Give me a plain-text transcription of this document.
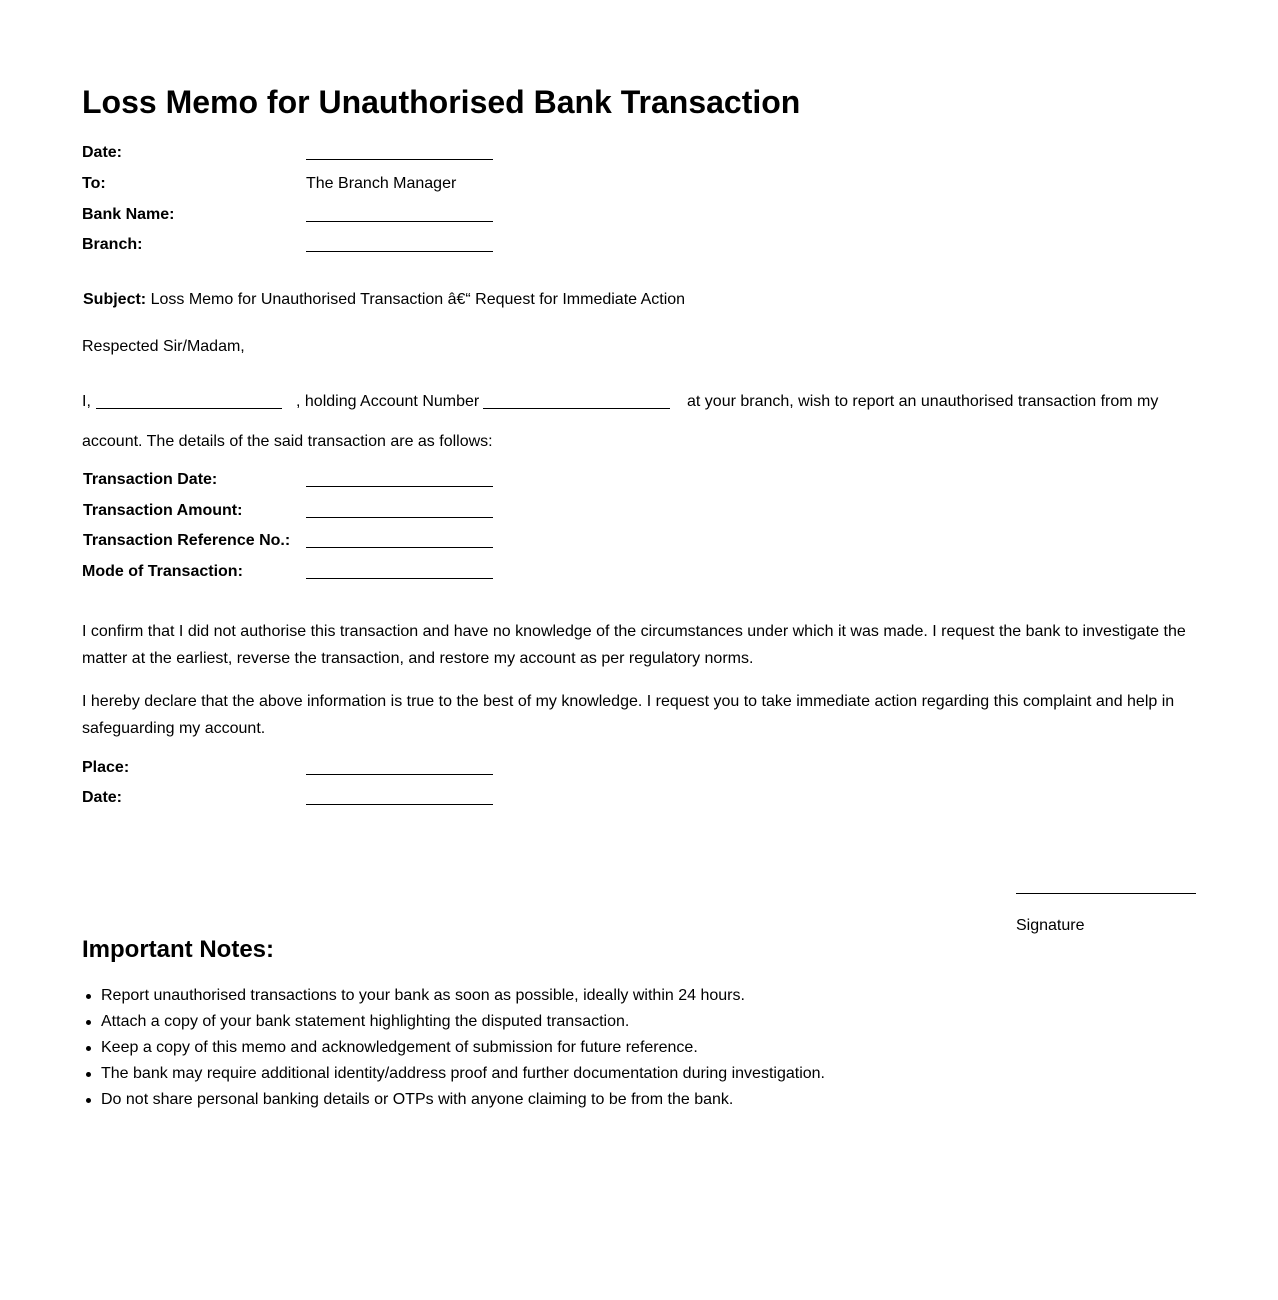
Loss Memo for Unauthorised Bank Transaction
Date:
To:	The Branch Manager
Bank Name:
Branch:

Subject: Loss Memo for Unauthorised Transaction â€“ Request for Immediate Action

Respected Sir/Madam,

I,	, holding Account Number	at your branch, wish to report an unauthorised transaction from my

account. The details of the said transaction are as follows:

Transaction Date:
Transaction Amount:
Transaction Reference No.:
Mode of Transaction:

I confirm that I did not authorise this transaction and have no knowledge of the circumstances under which it was made. I request the bank to investigate the matter at the earliest, reverse the transaction, and restore my account as per regulatory norms.

I hereby declare that the above information is true to the best of my knowledge. I request you to take immediate action regarding this complaint and help in safeguarding my account.

Place:
Date:
Signature
Important Notes:
Report unauthorised transactions to your bank as soon as possible, ideally within 24 hours.
Attach a copy of your bank statement highlighting the disputed transaction.
Keep a copy of this memo and acknowledgement of submission for future reference.
The bank may require additional identity/address proof and further documentation during investigation.
Do not share personal banking details or OTPs with anyone claiming to be from the bank.
